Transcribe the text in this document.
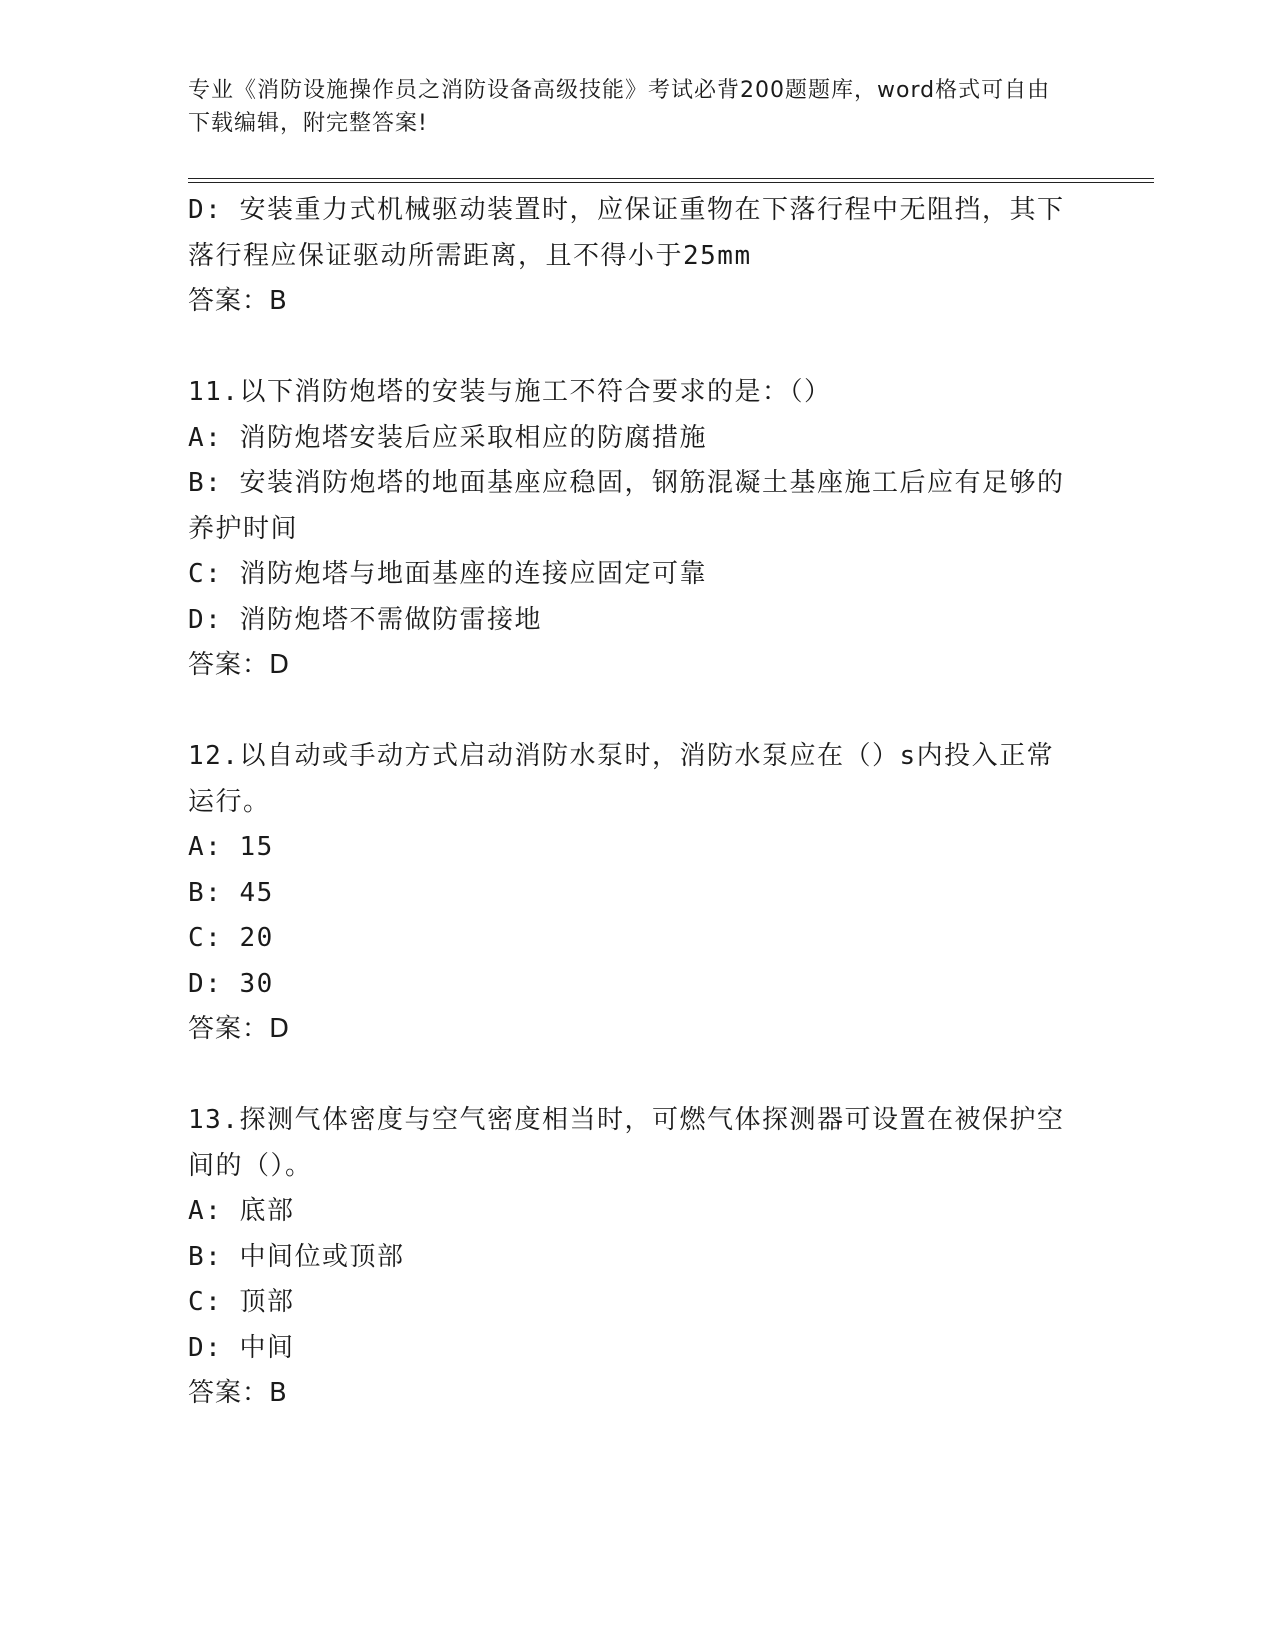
专业《消防设施操作员之消防设备高级技能》考试必背200题题库，word格式可自由下载编辑，附完整答案!
D: 安装重力式机械驱动装置时，应保证重物在下落行程中无阻挡，其下落行程应保证驱动所需距离，且不得小于25mm
答案：B
11.以下消防炮塔的安装与施工不符合要求的是：（）
A: 消防炮塔安装后应采取相应的防腐措施
B: 安装消防炮塔的地面基座应稳固，钢筋混凝土基座施工后应有足够的养护时间
C: 消防炮塔与地面基座的连接应固定可靠
D: 消防炮塔不需做防雷接地
答案：D
12.以自动或手动方式启动消防水泵时，消防水泵应在（）s内投入正常运行。
A: 15
B: 45
C: 20
D: 30
答案：D
13.探测气体密度与空气密度相当时，可燃气体探测器可设置在被保护空间的（）。
A: 底部
B: 中间位或顶部
C: 顶部
D: 中间
答案：B
